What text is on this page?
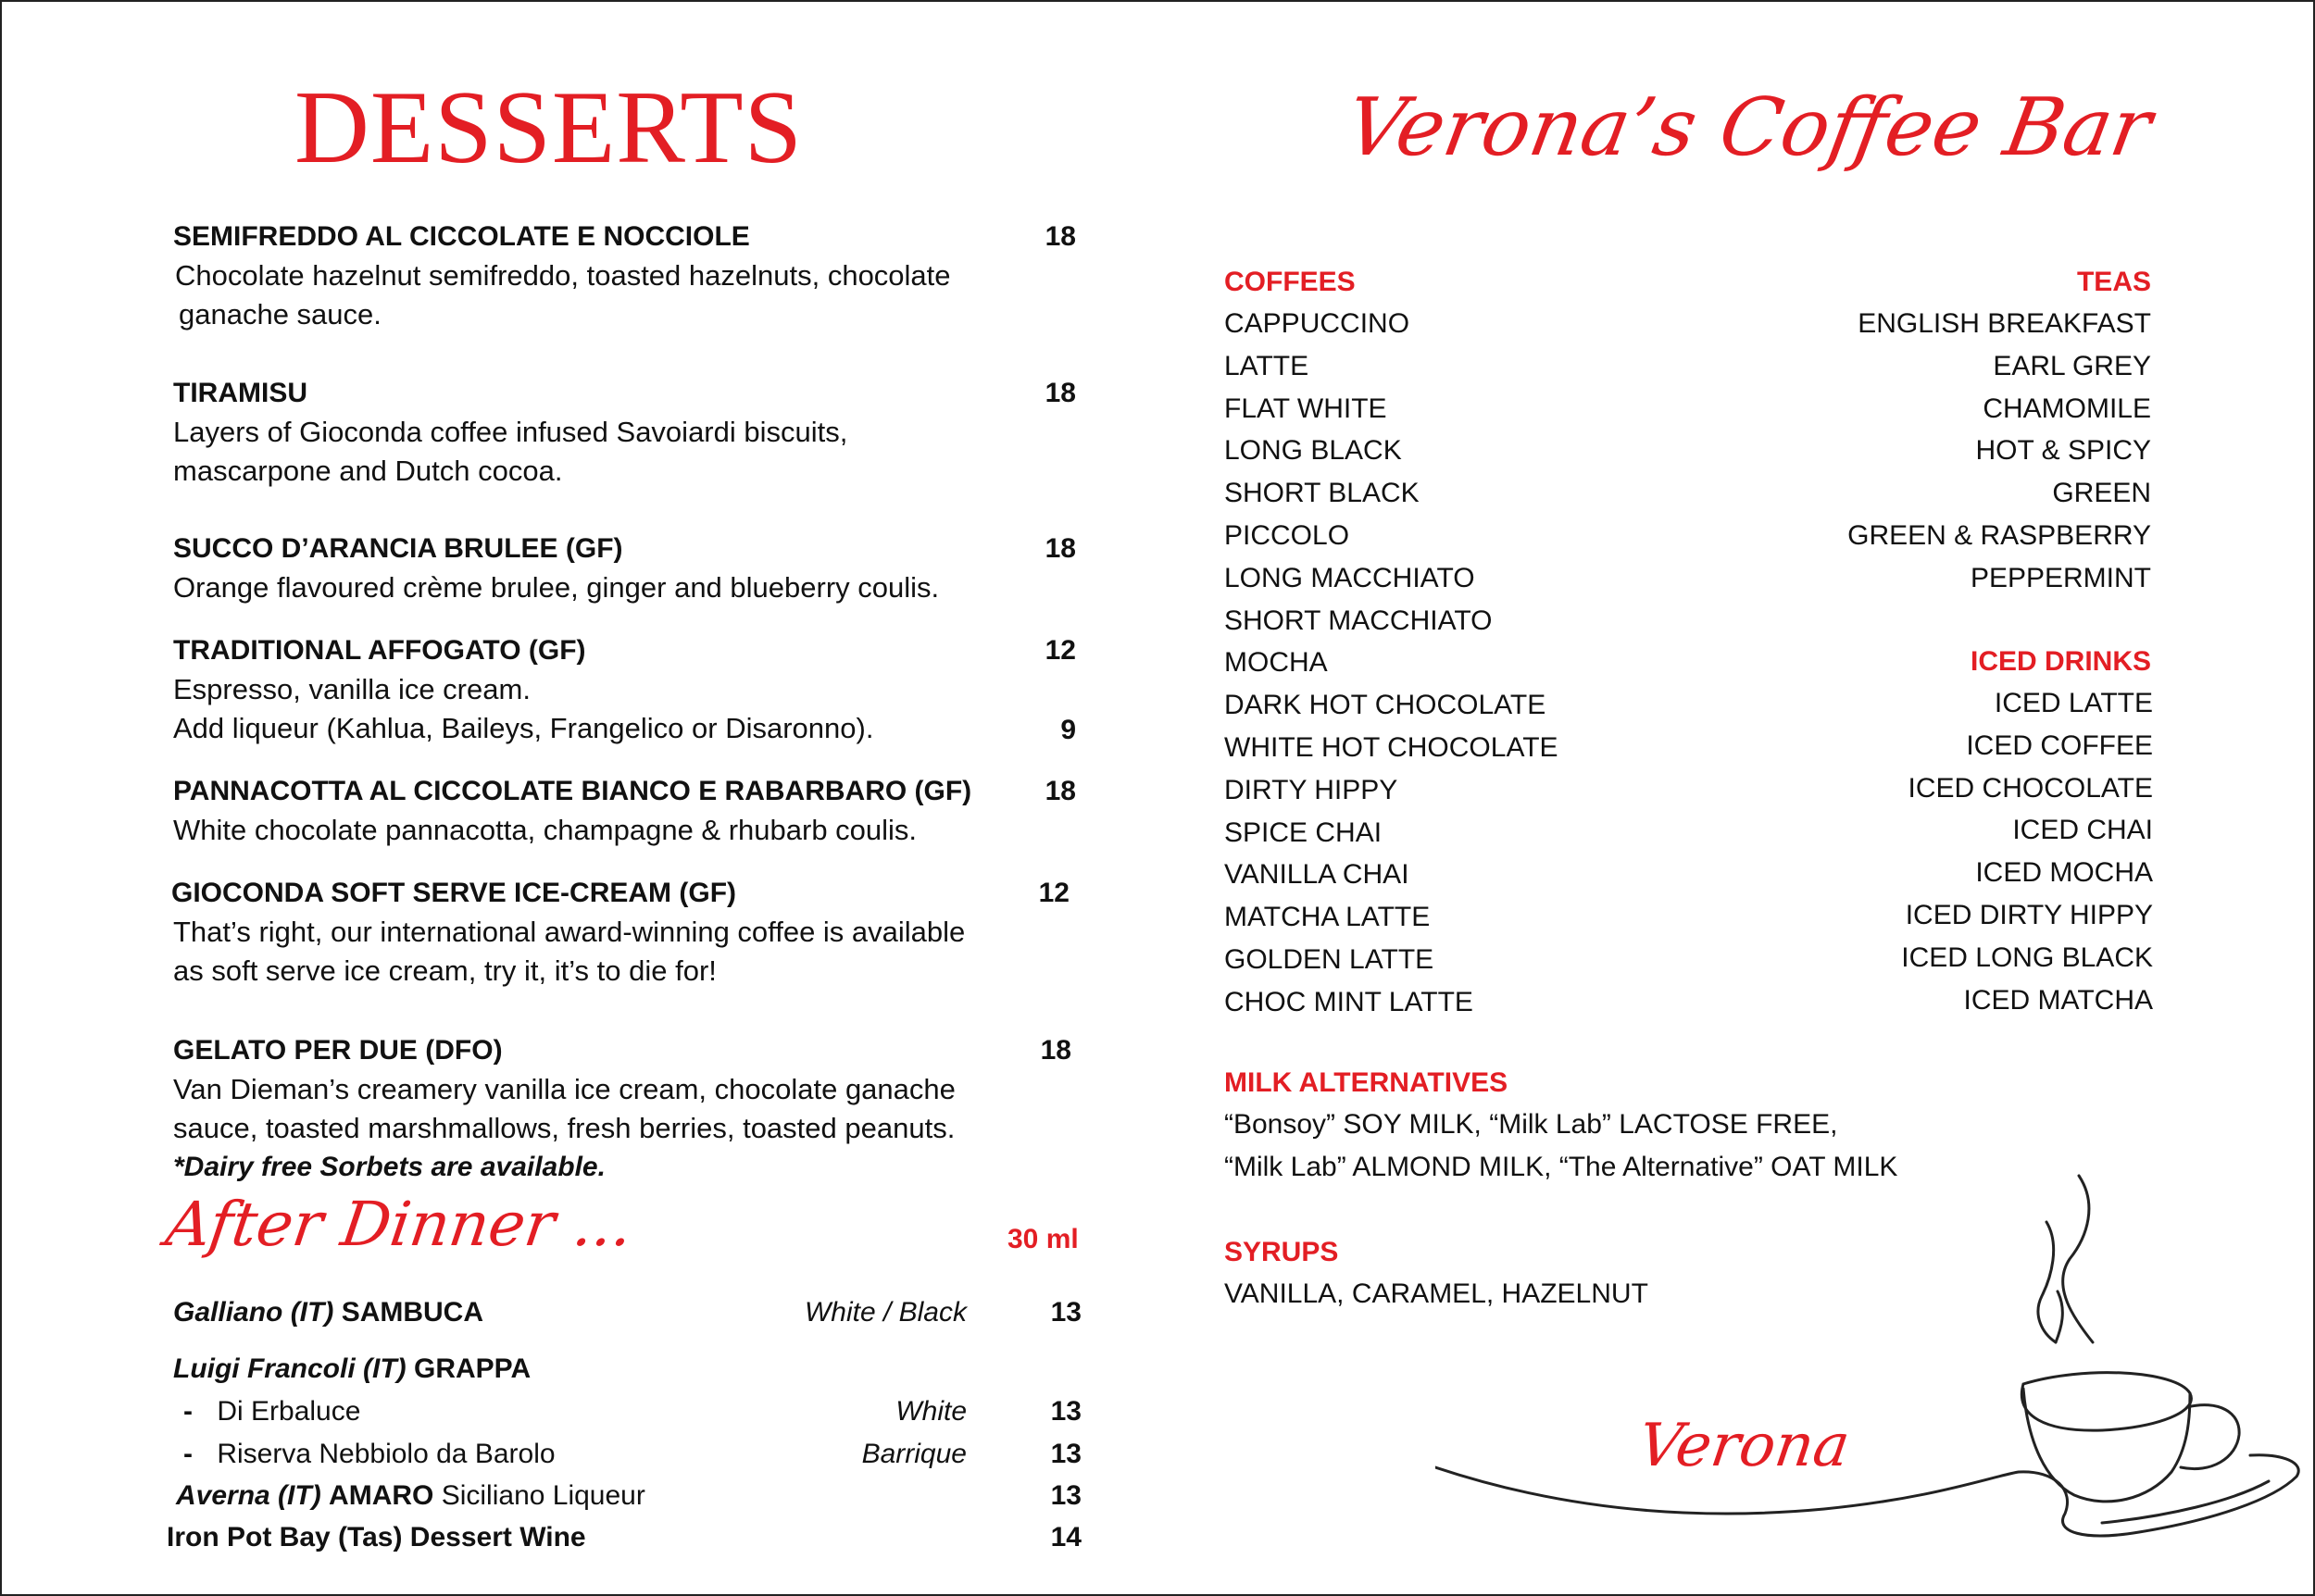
DESSERTS
SEMIFREDDO AL CICCOLATE E NOCCIOLE	18
Chocolate hazelnut semifreddo, toasted hazelnuts, chocolate
ganache sauce.
TIRAMISU	18
Layers of Gioconda coffee infused Savoiardi biscuits,
mascarpone and Dutch cocoa.
SUCCO D’ARANCIA BRULEE (GF)	18
Orange flavoured crème brulee, ginger and blueberry coulis.
TRADITIONAL AFFOGATO (GF)	12
Espresso, vanilla ice cream.
Add liqueur (Kahlua, Baileys, Frangelico or Disaronno).	9
PANNACOTTA AL CICCOLATE BIANCO E RABARBARO (GF)	18
White chocolate pannacotta, champagne & rhubarb coulis.
GIOCONDA SOFT SERVE ICE-CREAM (GF)	12
That’s right, our international award-winning coffee is available
as soft serve ice cream, try it, it’s to die for!
GELATO PER DUE (DFO)	18
Van Dieman’s creamery vanilla ice cream, chocolate ganache
sauce, toasted marshmallows, fresh berries, toasted peanuts.
*Dairy free Sorbets are available.
After Dinner ...	30 ml
Galliano (IT) SAMBUCA	White / Black	13
Luigi Francoli (IT) GRAPPA
- Di Erbaluce	White	13
- Riserva Nebbiolo da Barolo	Barrique	13
Averna (IT) AMARO Siciliano Liqueur	13
Iron Pot Bay (Tas) Dessert Wine	14
Verona’s Coffee Bar
COFFEES
CAPPUCCINO
LATTE
FLAT WHITE
LONG BLACK
SHORT BLACK
PICCOLO
LONG MACCHIATO
SHORT MACCHIATO
MOCHA
DARK HOT CHOCOLATE
WHITE HOT CHOCOLATE
DIRTY HIPPY
SPICE CHAI
VANILLA CHAI
MATCHA LATTE
GOLDEN LATTE
CHOC MINT LATTE
TEAS
ENGLISH BREAKFAST
EARL GREY
CHAMOMILE
HOT & SPICY
GREEN
GREEN & RASPBERRY
PEPPERMINT
ICED DRINKS
ICED LATTE
ICED COFFEE
ICED CHOCOLATE
ICED CHAI
ICED MOCHA
ICED DIRTY HIPPY
ICED LONG BLACK
ICED MATCHA
MILK ALTERNATIVES
“Bonsoy” SOY MILK, “Milk Lab” LACTOSE FREE,
“Milk Lab” ALMOND MILK, “The Alternative” OAT MILK
SYRUPS
VANILLA, CARAMEL, HAZELNUT
Verona
